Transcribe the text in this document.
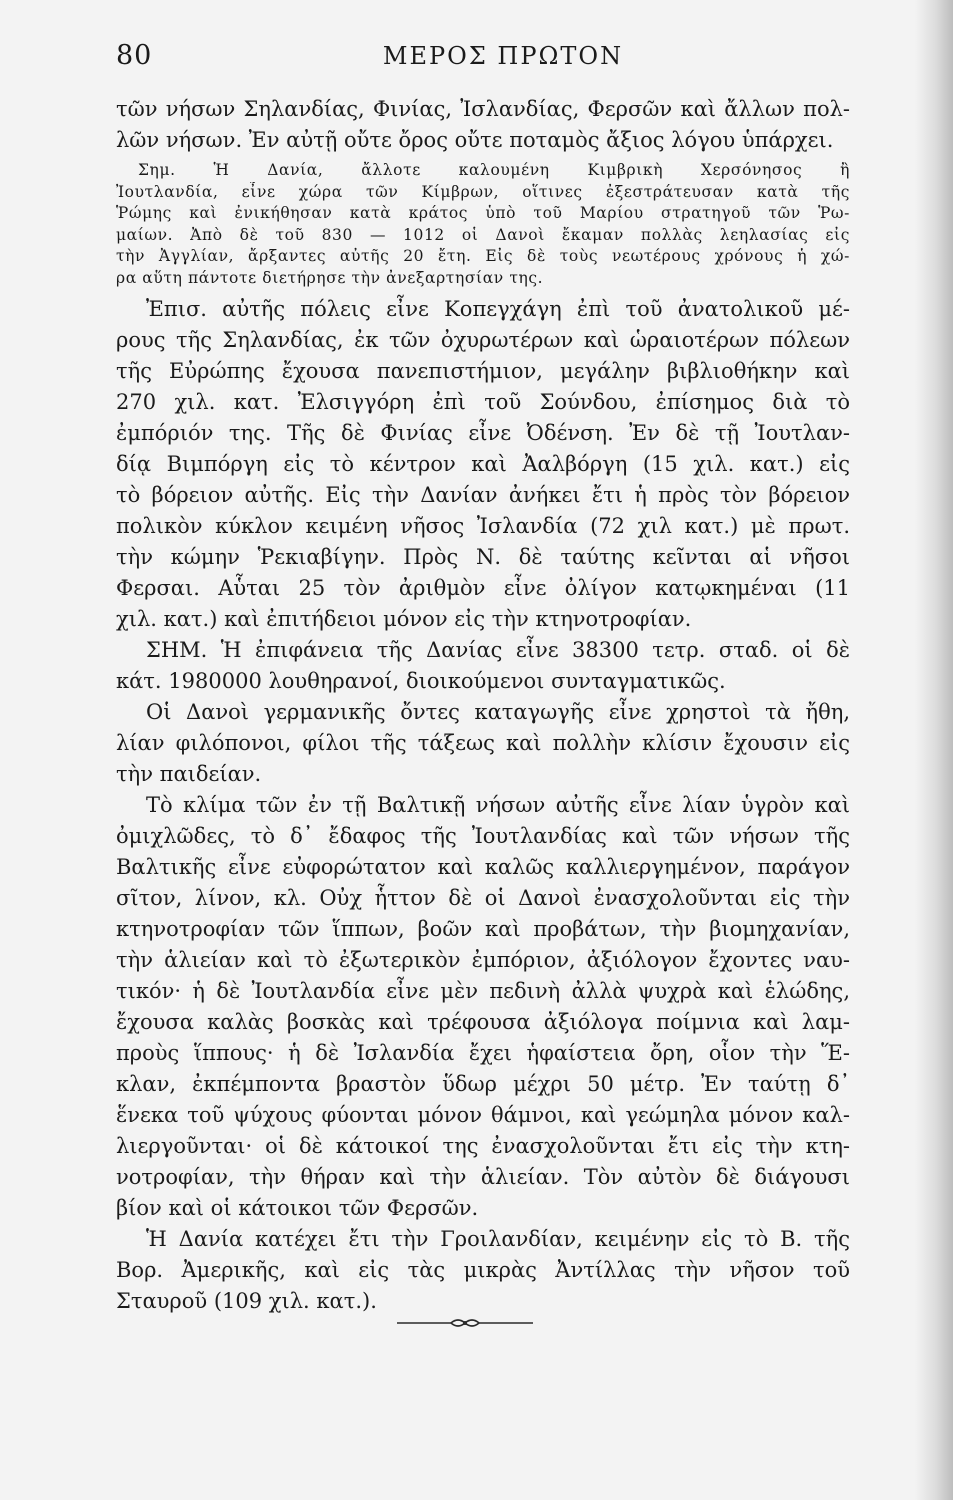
80	ΜΕΡΟΣ ΠΡΩΤΟΝ
τῶν νήσων Σηλανδίας, Φινίας, Ἰσλανδίας, Φερσῶν καὶ ἄλλων πολ-
λῶν νήσων. Ἐν αὐτῇ οὔτε ὄρος οὔτε ποταμὸς ἄξιος λόγου ὑπάρχει.
Σημ. Ἡ Δανία, ἄλλοτε καλουμένη Κιμβρικὴ Χερσόνησος ἢ
Ἰουτλανδία, εἶνε χώρα τῶν Κίμβρων, οἵτινες ἐξεστράτευσαν κατὰ τῆς
Ῥώμης καὶ ἐνικήθησαν κατὰ κράτος ὑπὸ τοῦ Μαρίου στρατηγοῦ τῶν Ῥω-
μαίων. Ἀπὸ δὲ τοῦ 830 — 1012 οἱ Δανοὶ ἔκαμαν πολλὰς λεηλασίας εἰς
τὴν Ἀγγλίαν, ἄρξαντες αὐτῆς 20 ἔτη. Εἰς δὲ τοὺς νεωτέρους χρόνους ἡ χώ-
ρα αὕτη πάντοτε διετήρησε τὴν ἀνεξαρτησίαν της.
Ἐπισ. αὐτῆς πόλεις εἶνε Κοπεγχάγη ἐπὶ τοῦ ἀνατολικοῦ μέ-
ρους τῆς Σηλανδίας, ἐκ τῶν ὀχυρωτέρων καὶ ὡραιοτέρων πόλεων
τῆς Εὐρώπης ἔχουσα πανεπιστήμιον, μεγάλην βιβλιοθήκην καὶ
270 χιλ. κατ. Ἐλσιγγόρη ἐπὶ τοῦ Σούνδου, ἐπίσημος διὰ τὸ
ἐμπόριόν της. Τῆς δὲ Φινίας εἶνε Ὀδένση. Ἐν δὲ τῇ Ἰουτλαν-
δίᾳ Βιμπόργη εἰς τὸ κέντρον καὶ Ἀαλβόργη (15 χιλ. κατ.) εἰς
τὸ βόρειον αὐτῆς. Εἰς τὴν Δανίαν ἀνήκει ἔτι ἡ πρὸς τὸν βόρειον
πολικὸν κύκλον κειμένη νῆσος Ἰσλανδία (72 χιλ κατ.) μὲ πρωτ.
τὴν κώμην Ῥεκιαβίγην. Πρὸς Ν. δὲ ταύτης κεῖνται αἱ νῆσοι
Φερσαι. Αὗται 25 τὸν ἀριθμὸν εἶνε ὀλίγον κατῳκημέναι (11
χιλ. κατ.) καὶ ἐπιτήδειοι μόνον εἰς τὴν κτηνοτροφίαν.
ΣΗΜ. Ἡ ἐπιφάνεια τῆς Δανίας εἶνε 38300 τετρ. σταδ. οἱ δὲ
κάτ. 1980000 λουθηρανοί, διοικούμενοι συνταγματικῶς.
Οἱ Δανοὶ γερμανικῆς ὄντες καταγωγῆς εἶνε χρηστοὶ τὰ ἤθη,
λίαν φιλόπονοι, φίλοι τῆς τάξεως καὶ πολλὴν κλίσιν ἔχουσιν εἰς
τὴν παιδείαν.
Τὸ κλίμα τῶν ἐν τῇ Βαλτικῇ νήσων αὐτῆς εἶνε λίαν ὑγρὸν καὶ
ὀμιχλῶδες, τὸ δ᾽ ἔδαφος τῆς Ἰουτλανδίας καὶ τῶν νήσων τῆς
Βαλτικῆς εἶνε εὐφορώτατον καὶ καλῶς καλλιεργημένον, παράγον
σῖτον, λίνον, κλ. Οὐχ ἧττον δὲ οἱ Δανοὶ ἐνασχολοῦνται εἰς τὴν
κτηνοτροφίαν τῶν ἵππων, βοῶν καὶ προβάτων, τὴν βιομηχανίαν,
τὴν ἁλιείαν καὶ τὸ ἐξωτερικὸν ἐμπόριον, ἀξιόλογον ἔχοντες ναυ-
τικόν· ἡ δὲ Ἰουτλανδία εἶνε μὲν πεδινὴ ἀλλὰ ψυχρὰ καὶ ἑλώδης,
ἔχουσα καλὰς βοσκὰς καὶ τρέφουσα ἀξιόλογα ποίμνια καὶ λαμ-
προὺς ἵππους· ἡ δὲ Ἰσλανδία ἔχει ἡφαίστεια ὄρη, οἷον τὴν Ἕ-
κλαν, ἐκπέμποντα βραστὸν ὕδωρ μέχρι 50 μέτρ. Ἐν ταύτῃ δ᾽
ἕνεκα τοῦ ψύχους φύονται μόνον θάμνοι, καὶ γεώμηλα μόνον καλ-
λιεργοῦνται· οἱ δὲ κάτοικοί της ἐνασχολοῦνται ἔτι εἰς τὴν κτη-
νοτροφίαν, τὴν θήραν καὶ τὴν ἁλιείαν. Τὸν αὐτὸν δὲ διάγουσι
βίον καὶ οἱ κάτοικοι τῶν Φερσῶν.
Ἡ Δανία κατέχει ἔτι τὴν Γροιλανδίαν, κειμένην εἰς τὸ Β. τῆς
Βορ. Ἀμερικῆς, καὶ εἰς τὰς μικρὰς Ἀντίλλας τὴν νῆσον τοῦ
Σταυροῦ (109 χιλ. κατ.).
